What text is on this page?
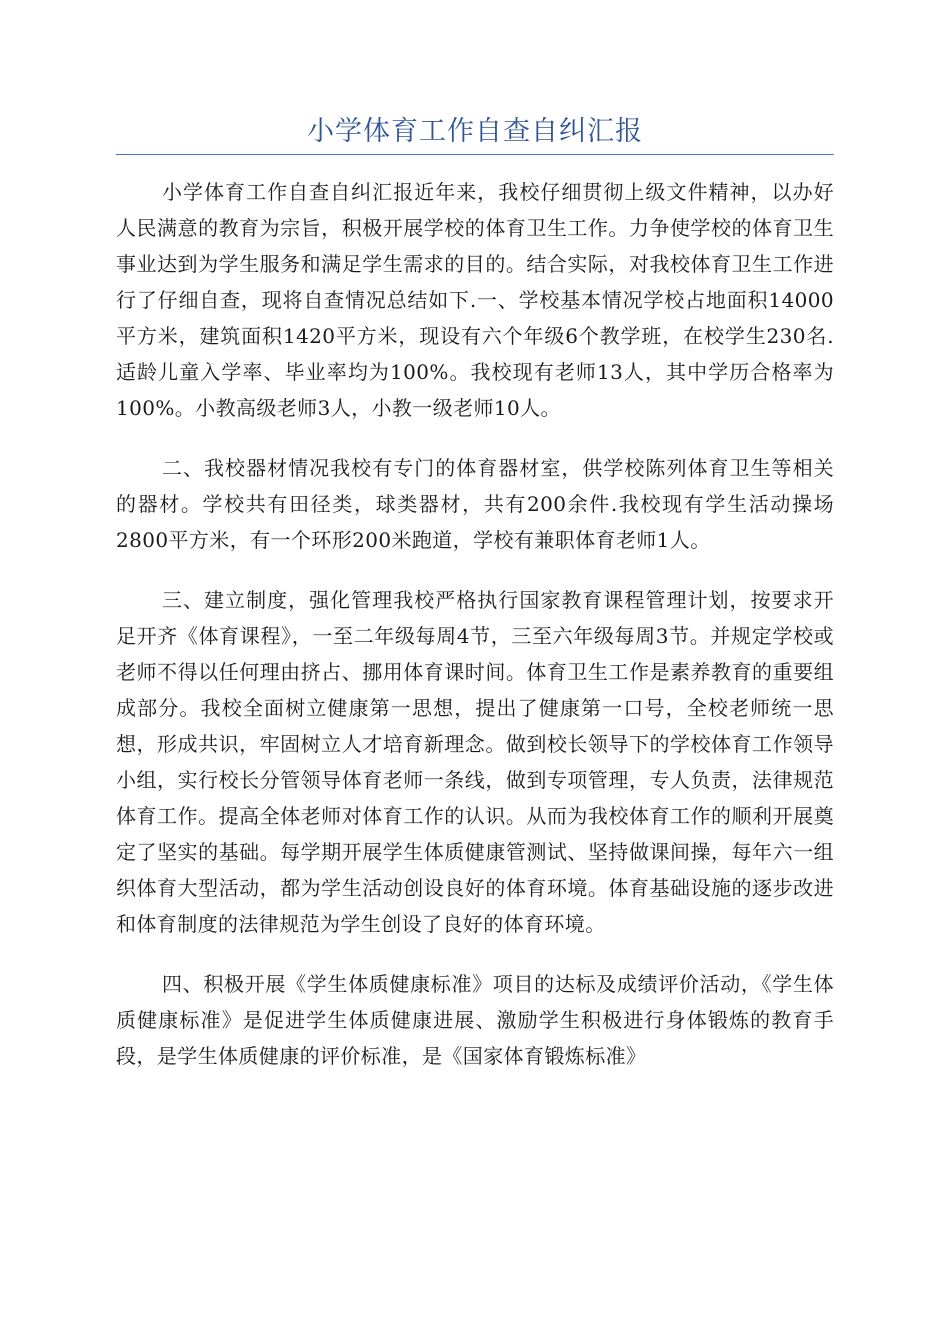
小学体育工作自查自纠汇报

小学体育工作自查自纠汇报近年来，我校仔细贯彻上级文件精神，以办好人民满意的教育为宗旨，积极开展学校的体育卫生工作。力争使学校的体育卫生事业达到为学生服务和满足学生需求的目的。结合实际，对我校体育卫生工作进行了仔细自查，现将自查情况总结如下.一、学校基本情况学校占地面积14000平方米，建筑面积1420平方米，现设有六个年级6个教学班，在校学生230名.适龄儿童入学率、毕业率均为100%。我校现有老师13人，其中学历合格率为100%。小教高级老师3人，小教一级老师10人。

二、我校器材情况我校有专门的体育器材室，供学校陈列体育卫生等相关的器材。学校共有田径类，球类器材，共有200余件.我校现有学生活动操场2800平方米，有一个环形200米跑道，学校有兼职体育老师1人。

三、建立制度，强化管理我校严格执行国家教育课程管理计划，按要求开足开齐《体育课程》，一至二年级每周4节，三至六年级每周3节。并规定学校或老师不得以任何理由挤占、挪用体育课时间。体育卫生工作是素养教育的重要组成部分。我校全面树立健康第一思想，提出了健康第一口号，全校老师统一思想，形成共识，牢固树立人才培育新理念。做到校长领导下的学校体育工作领导小组，实行校长分管领导体育老师一条线，做到专项管理，专人负责，法律规范体育工作。提高全体老师对体育工作的认识。从而为我校体育工作的顺利开展奠定了坚实的基础。每学期开展学生体质健康管测试、坚持做课间操，每年六一组织体育大型活动，都为学生活动创设良好的体育环境。体育基础设施的逐步改进和体育制度的法律规范为学生创设了良好的体育环境。

四、积极开展《学生体质健康标准》项目的达标及成绩评价活动，《学生体质健康标准》是促进学生体质健康进展、激励学生积极进行身体锻炼的教育手段，是学生体质健康的评价标准，是《国家体育锻炼标准》
